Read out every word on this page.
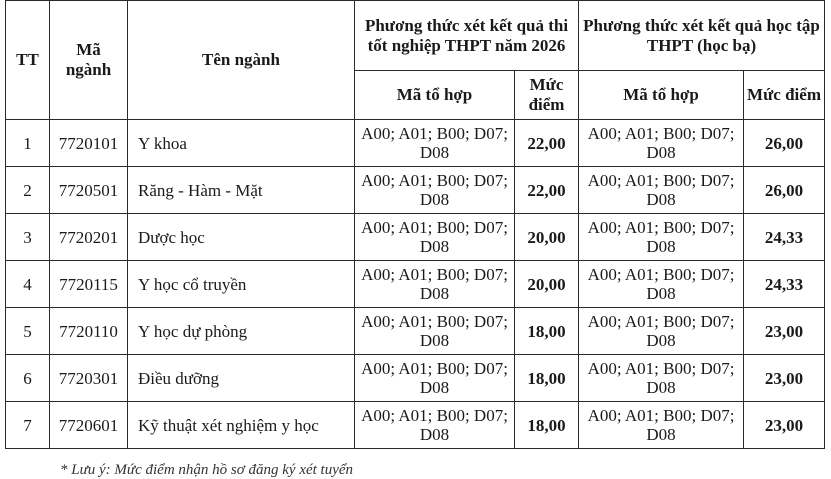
TT	Mã ngành	Tên ngành	Phương thức xét kết quả thi tốt nghiệp THPT năm 2026		Phương thức xét kết quả học tập THPT (học bạ)	
			Mã tổ hợp	Mức điểm	Mã tổ hợp	Mức điểm
1	7720101	Y khoa	A00; A01; B00; D07; D08	22,00	A00; A01; B00; D07; D08	26,00
2	7720501	Răng - Hàm - Mặt	A00; A01; B00; D07; D08	22,00	A00; A01; B00; D07; D08	26,00
3	7720201	Dược học	A00; A01; B00; D07; D08	20,00	A00; A01; B00; D07; D08	24,33
4	7720115	Y học cổ truyền	A00; A01; B00; D07; D08	20,00	A00; A01; B00; D07; D08	24,33
5	7720110	Y học dự phòng	A00; A01; B00; D07; D08	18,00	A00; A01; B00; D07; D08	23,00
6	7720301	Điều dưỡng	A00; A01; B00; D07; D08	18,00	A00; A01; B00; D07; D08	23,00
7	7720601	Kỹ thuật xét nghiệm y học	A00; A01; B00; D07; D08	18,00	A00; A01; B00; D07; D08	23,00
* Lưu ý: Mức điểm nhận hồ sơ đăng ký xét tuyển
